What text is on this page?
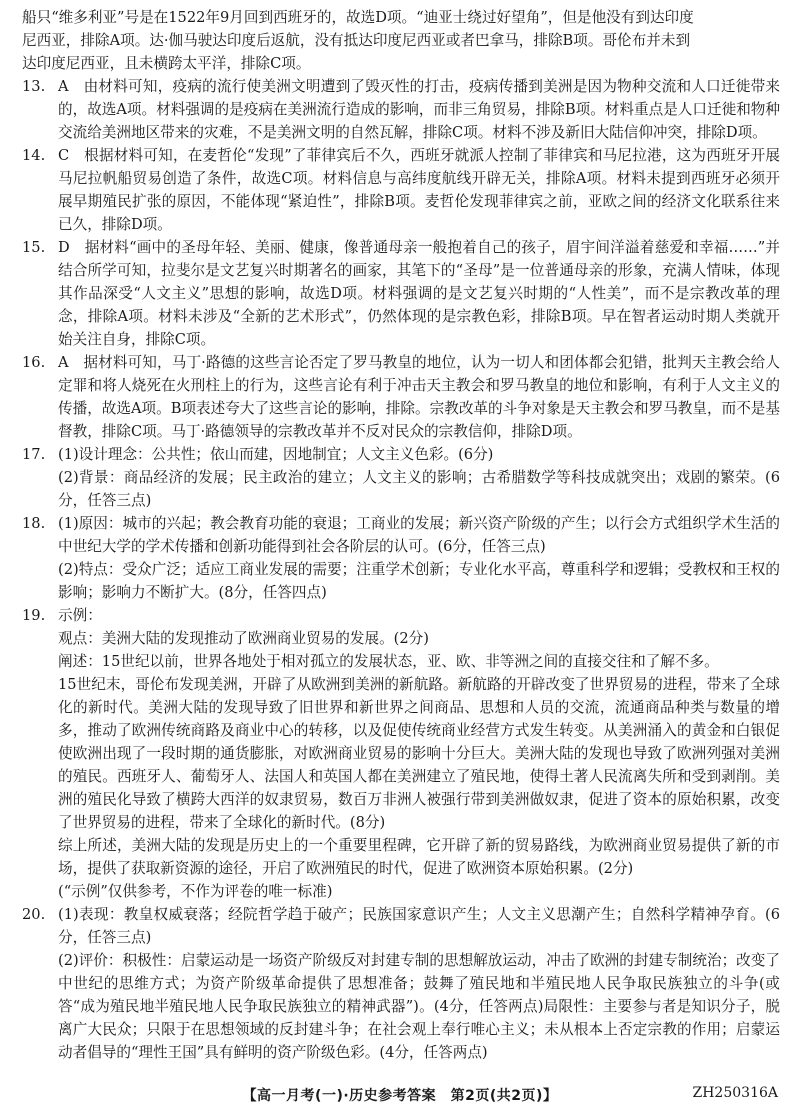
船只“维多利亚”号是在1522年9月回到西班牙的，故选D项。“迪亚士绕过好望角”，但是他没有到达印度

尼西亚，排除A项。达·伽马驶达印度后返航，没有抵达印度尼西亚或者巴拿马，排除B项。哥伦布并未到

达印度尼西亚，且未横跨太平洋，排除C项。

13. A　由材料可知，疫病的流行使美洲文明遭到了毁灭性的打击，疫病传播到美洲是因为物种交流和人口迁徙带来的，故选A项。材料强调的是疫病在美洲流行造成的影响，而非三角贸易，排除B项。材料重点是人口迁徙和物种交流给美洲地区带来的灾难，不是美洲文明的自然瓦解，排除C项。材料不涉及新旧大陆信仰冲突，排除D项。
14. C　根据材料可知，在麦哲伦“发现”了菲律宾后不久，西班牙就派人控制了菲律宾和马尼拉港，这为西班牙开展马尼拉帆船贸易创造了条件，故选C项。材料信息与高纬度航线开辟无关，排除A项。材料未提到西班牙必须开展早期殖民扩张的原因，不能体现“紧迫性”，排除B项。麦哲伦发现菲律宾之前，亚欧之间的经济文化联系往来已久，排除D项。
15. D　据材料“画中的圣母年轻、美丽、健康，像普通母亲一般抱着自己的孩子，眉宇间洋溢着慈爱和幸福……”并结合所学可知，拉斐尔是文艺复兴时期著名的画家，其笔下的“圣母”是一位普通母亲的形象，充满人情味，体现其作品深受“人文主义”思想的影响，故选D项。材料强调的是文艺复兴时期的“人性美”，而不是宗教改革的理念，排除A项。材料未涉及“全新的艺术形式”，仍然体现的是宗教色彩，排除B项。早在智者运动时期人类就开始关注自身，排除C项。
16. A　据材料可知，马丁·路德的这些言论否定了罗马教皇的地位，认为一切人和团体都会犯错，批判天主教会给人定罪和将人烧死在火刑柱上的行为，这些言论有利于冲击天主教会和罗马教皇的地位和影响，有利于人文主义的传播，故选A项。B项表述夸大了这些言论的影响，排除。宗教改革的斗争对象是天主教会和罗马教皇，而不是基督教，排除C项。马丁·路德领导的宗教改革并不反对民众的宗教信仰，排除D项。
17. (1)设计理念：公共性；依山而建，因地制宜；人文主义色彩。(6分)
(2)背景：商品经济的发展；民主政治的建立；人文主义的影响；古希腊数学等科技成就突出；戏剧的繁荣。(6分，任答三点)
18. (1)原因：城市的兴起；教会教育功能的衰退；工商业的发展；新兴资产阶级的产生；以行会方式组织学术生活的中世纪大学的学术传播和创新功能得到社会各阶层的认可。(6分，任答三点)
(2)特点：受众广泛；适应工商业发展的需要；注重学术创新；专业化水平高，尊重科学和逻辑；受教权和王权的影响；影响力不断扩大。(8分，任答四点)
19. 示例：
观点：美洲大陆的发现推动了欧洲商业贸易的发展。(2分)
阐述：15世纪以前，世界各地处于相对孤立的发展状态，亚、欧、非等洲之间的直接交往和了解不多。
15世纪末，哥伦布发现美洲，开辟了从欧洲到美洲的新航路。新航路的开辟改变了世界贸易的进程，带来了全球化的新时代。美洲大陆的发现导致了旧世界和新世界之间商品、思想和人员的交流，流通商品种类与数量的增多，推动了欧洲传统商路及商业中心的转移，以及促使传统商业经营方式发生转变。从美洲涌入的黄金和白银促使欧洲出现了一段时期的通货膨胀，对欧洲商业贸易的影响十分巨大。美洲大陆的发现也导致了欧洲列强对美洲的殖民。西班牙人、葡萄牙人、法国人和英国人都在美洲建立了殖民地，使得土著人民流离失所和受到剥削。美洲的殖民化导致了横跨大西洋的奴隶贸易，数百万非洲人被强行带到美洲做奴隶，促进了资本的原始积累，改变了世界贸易的进程，带来了全球化的新时代。(8分)
综上所述，美洲大陆的发现是历史上的一个重要里程碑，它开辟了新的贸易路线，为欧洲商业贸易提供了新的市场，提供了获取新资源的途径，开启了欧洲殖民的时代，促进了欧洲资本原始积累。(2分)
(“示例”仅供参考，不作为评卷的唯一标准)
20. (1)表现：教皇权威衰落；经院哲学趋于破产；民族国家意识产生；人文主义思潮产生；自然科学精神孕育。(6分，任答三点)
(2)评价：积极性：启蒙运动是一场资产阶级反对封建专制的思想解放运动，冲击了欧洲的封建专制统治；改变了中世纪的思维方式；为资产阶级革命提供了思想准备；鼓舞了殖民地和半殖民地人民争取民族独立的斗争(或答“成为殖民地半殖民地人民争取民族独立的精神武器”)。(4分，任答两点)局限性：主要参与者是知识分子，脱离广大民众；只限于在思想领域的反封建斗争；在社会观上奉行唯心主义；未从根本上否定宗教的作用；启蒙运动者倡导的“理性王国”具有鲜明的资产阶级色彩。(4分，任答两点)
【高一月考(一)·历史参考答案　第2页(共2页)】	ZH250316A
